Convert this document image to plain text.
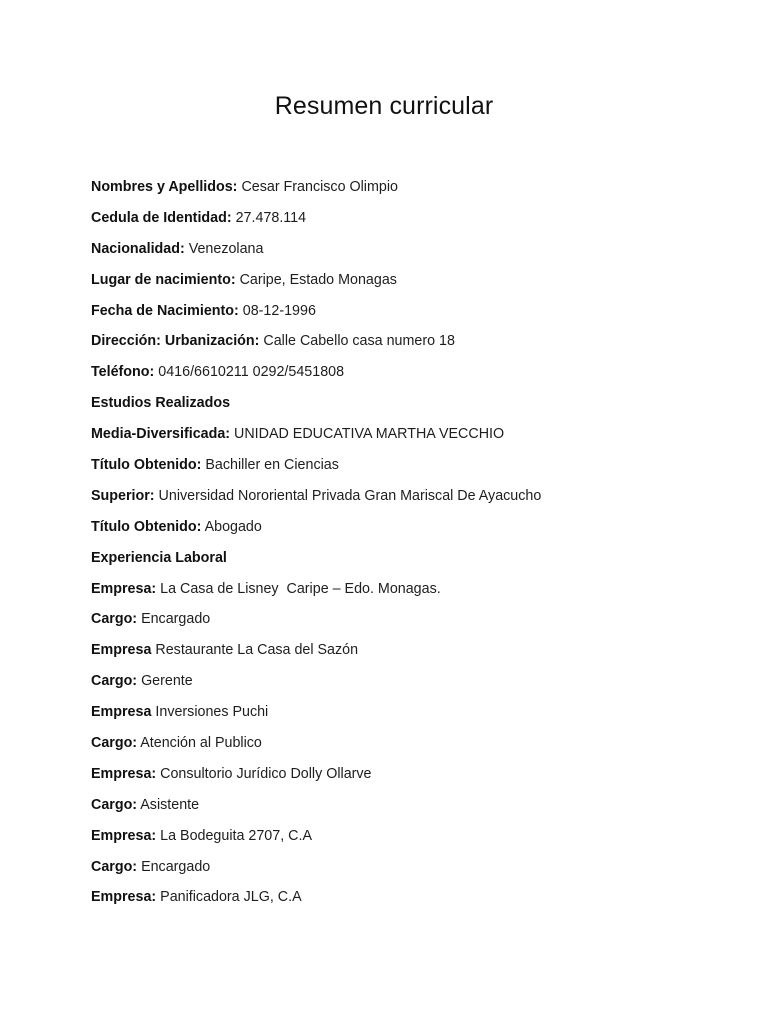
Resumen curricular
Nombres y Apellidos: Cesar Francisco Olimpio
Cedula de Identidad: 27.478.114
Nacionalidad: Venezolana
Lugar de nacimiento: Caripe, Estado Monagas
Fecha de Nacimiento: 08-12-1996
Dirección: Urbanización: Calle Cabello casa numero 18
Teléfono: 0416/6610211 0292/5451808
Estudios Realizados
Media-Diversificada: UNIDAD EDUCATIVA MARTHA VECCHIO
Título Obtenido: Bachiller en Ciencias
Superior: Universidad Nororiental Privada Gran Mariscal De Ayacucho
Título Obtenido: Abogado
Experiencia Laboral
Empresa: La Casa de Lisney  Caripe – Edo. Monagas.
Cargo: Encargado
Empresa Restaurante La Casa del Sazón
Cargo: Gerente
Empresa Inversiones Puchi
Cargo: Atención al Publico
Empresa: Consultorio Jurídico Dolly Ollarve
Cargo: Asistente
Empresa: La Bodeguita 2707, C.A
Cargo: Encargado
Empresa: Panificadora JLG, C.A
